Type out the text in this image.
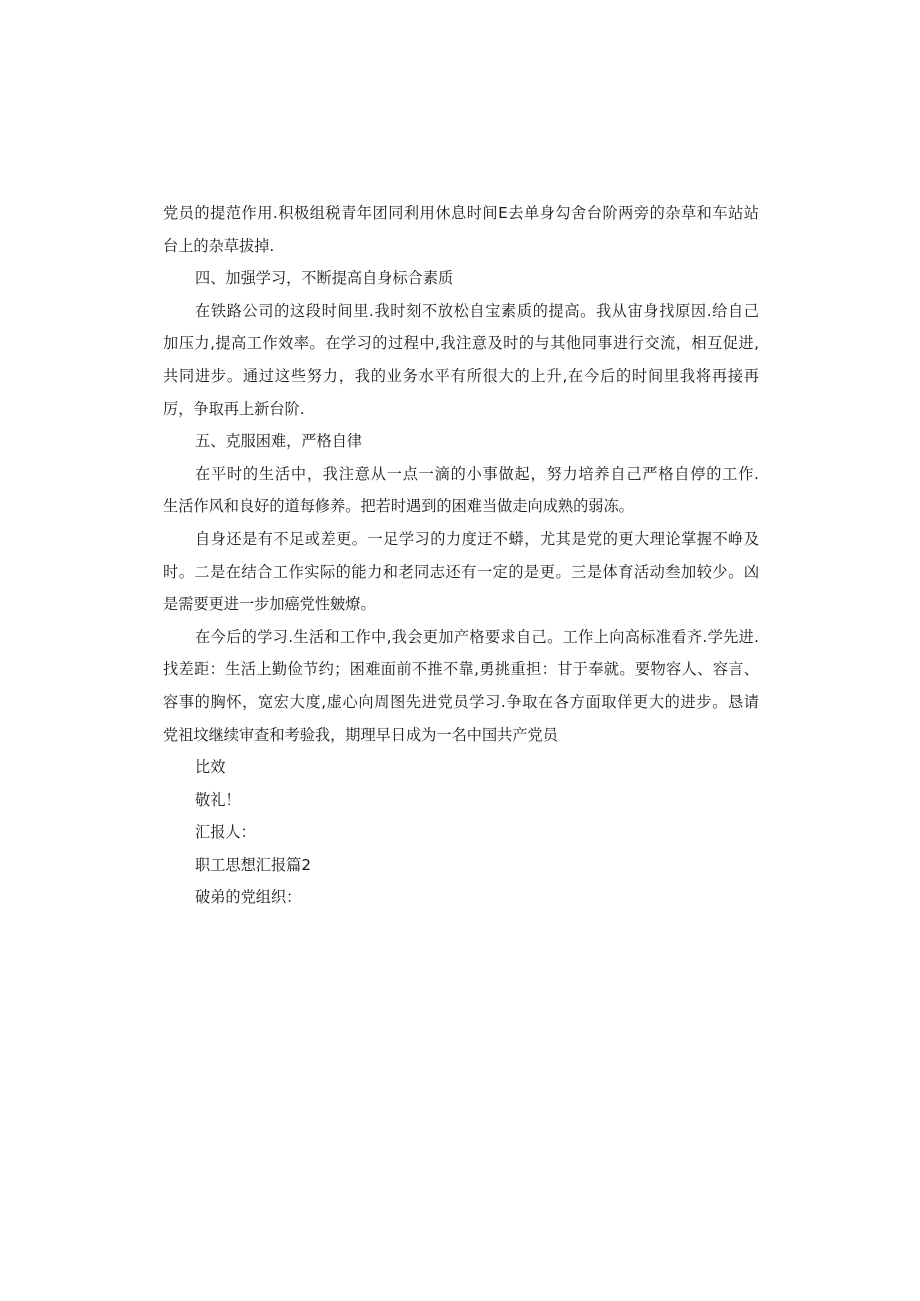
党员的提范作用.积极组税青年团同利用休息时间E去单身勾舍台阶两旁的杂草和车站站
台上的杂草拔掉.
四、加强学习，不断提高自身标合素质
在铁路公司的这段时间里.我时刻不放松自宝素质的提高。我从宙身找原因.给自己
加压力,提高工作效率。在学习的过程中,我注意及时的与其他同事进行交流，相互促进,
共同进步。通过这些努力，我的业务水平有所很大的上升,在今后的时间里我将再接再
厉，争取再上新台阶.
五、克服困难，严格自律
在平时的生活中，我注意从一点一滴的小事做起，努力培养自己严格自停的工作.
生活作风和良好的道每修养。把若时遇到的困难当做走向成熟的弱冻。
自身还是有不足或差更。一足学习的力度迂不蟒，尤其是党的更大理论掌握不峥及
时。二是在结合工作实际的能力和老同志还有一定的是更。三是体育活动叁加较少。凶
是需要更进一步加癌党性皴燎。
在今后的学习.生活和工作中,我会更加产格要求自己。工作上向高标准看齐.学先进.
找差距：生活上勤俭节约；困难面前不推不靠,勇挑重担：甘于奉就。要物容人、容言、
容事的胸怀，宽宏大度,虚心向周图先进党员学习.争取在各方面取佯更大的进步。恳请
党祖坟继续审查和考验我，期理早日成为一名中国共产党员
比效
敬礼！
汇报人：
职工思想汇报篇2
破弟的党组织：
